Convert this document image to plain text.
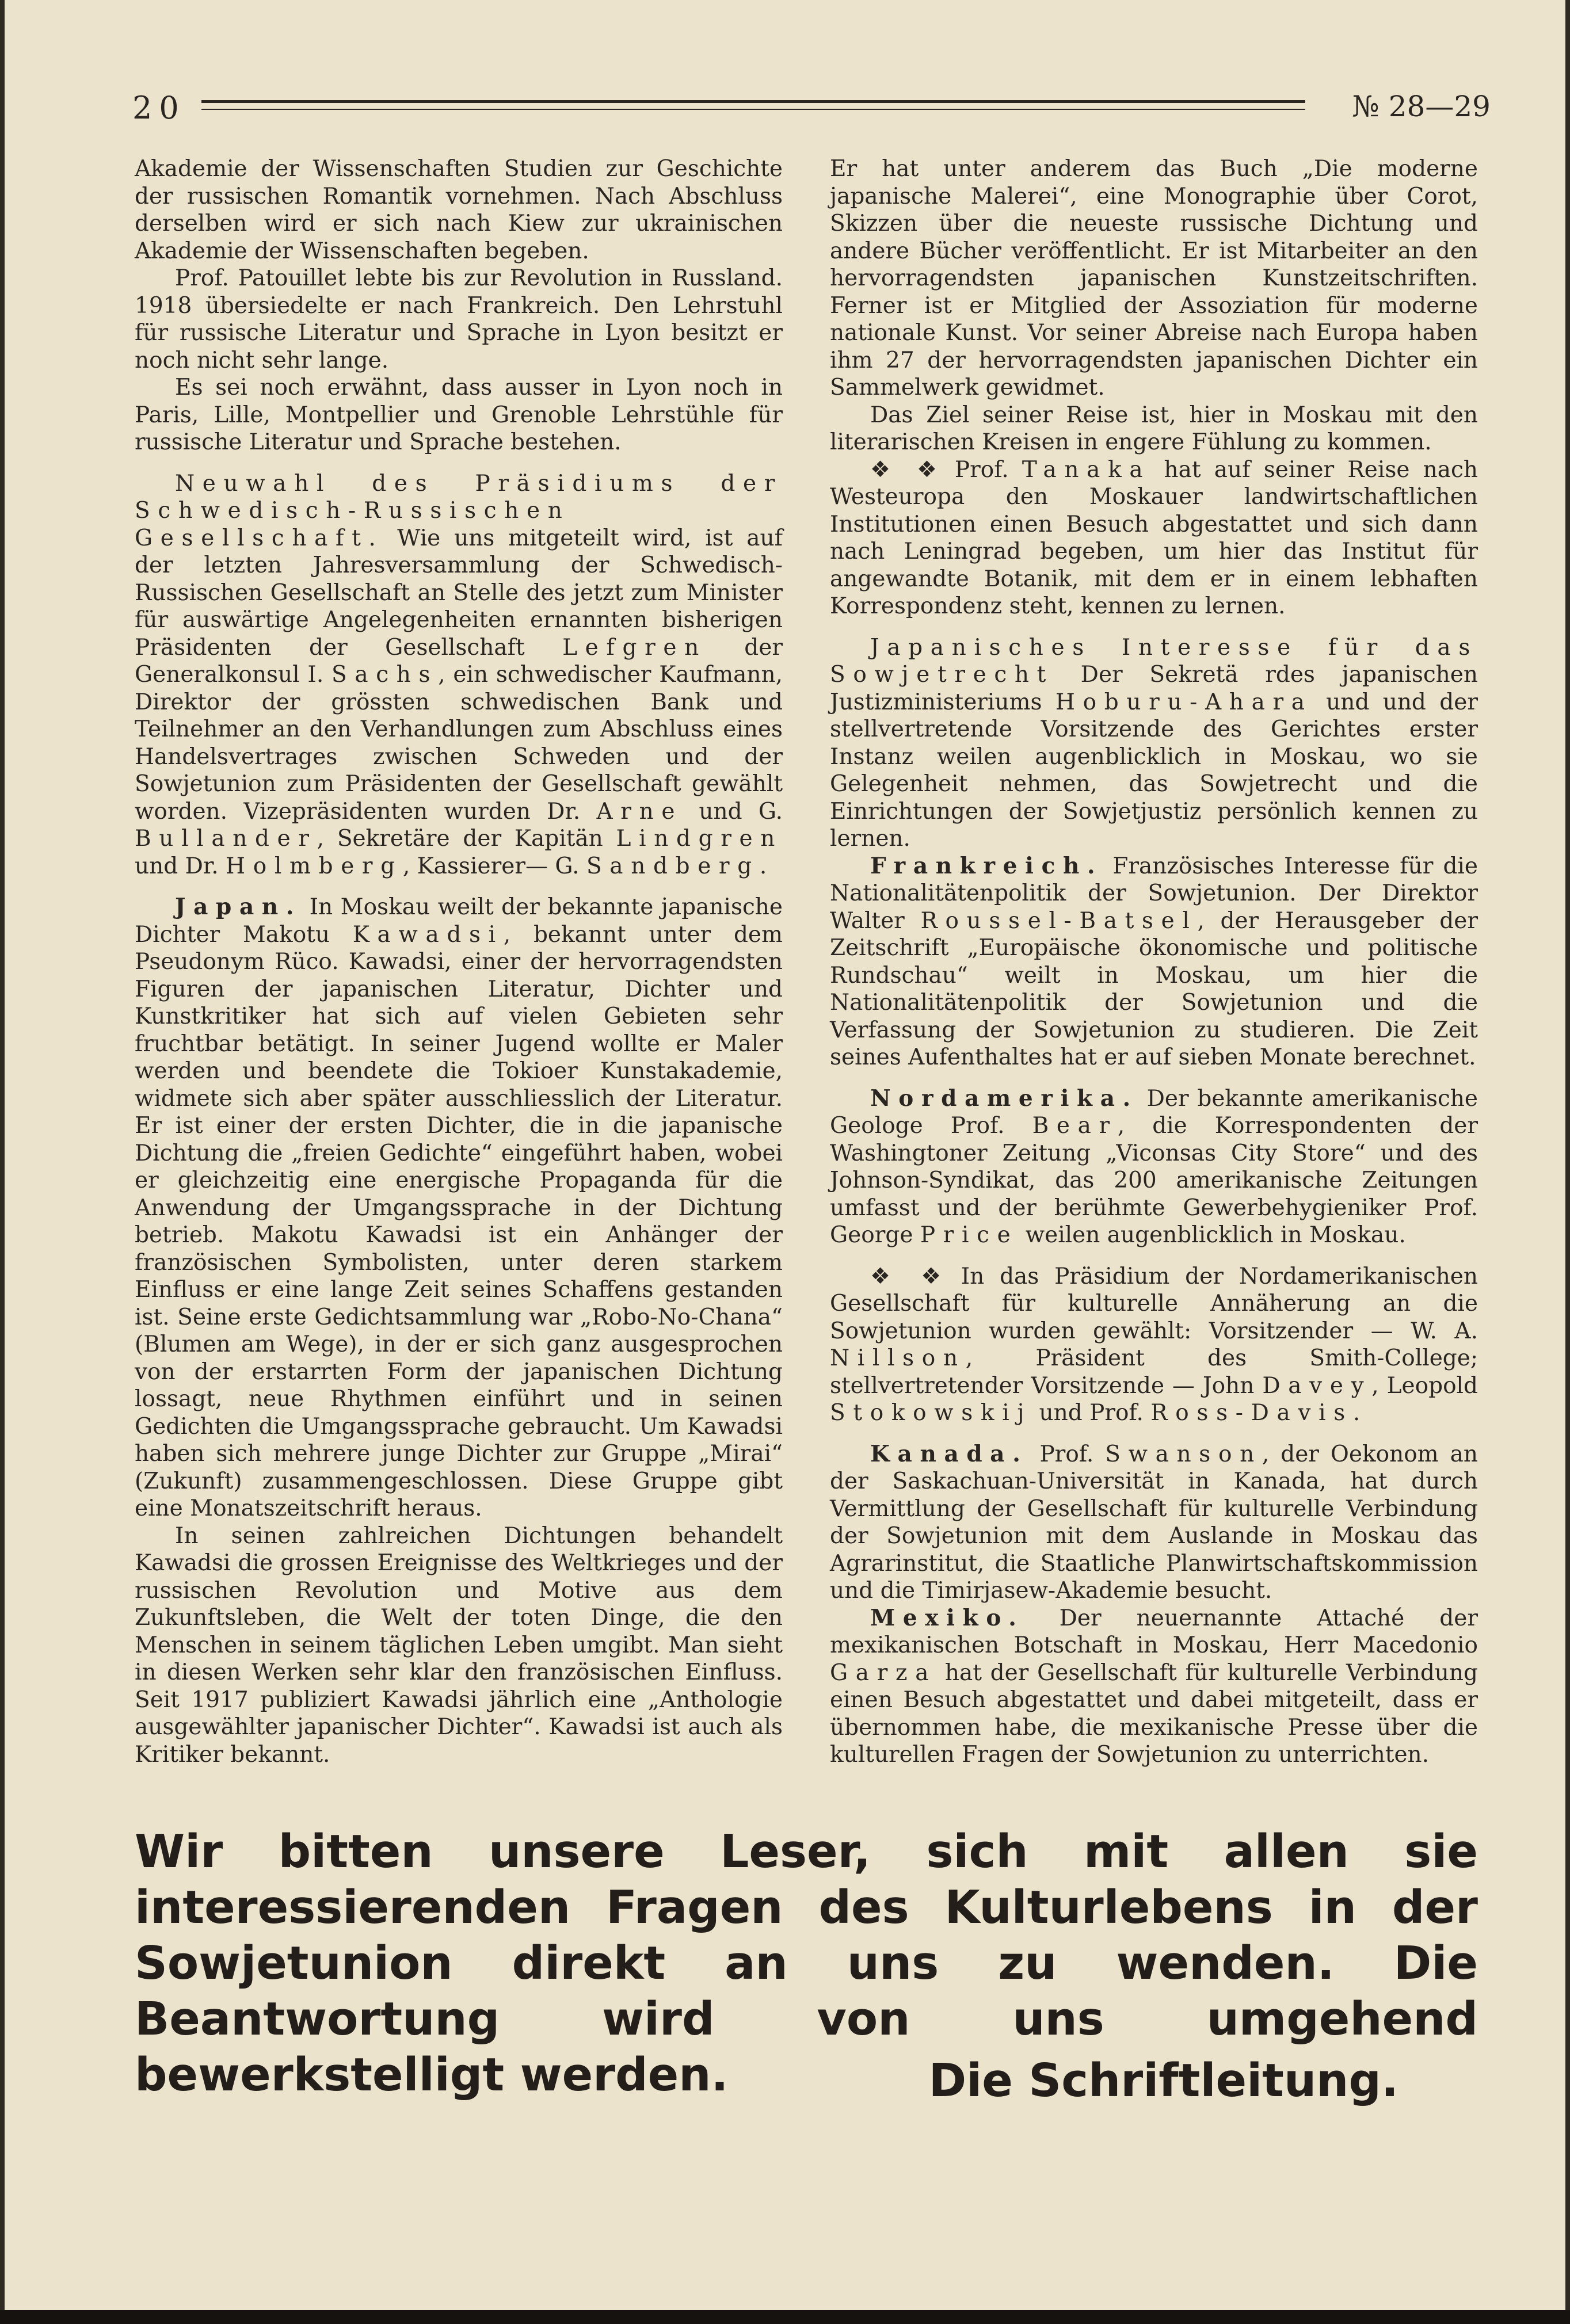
20	№ 28—29

Akademie der Wissenschaften Studien zur Geschichte der russischen Romantik vornehmen. Nach Abschluss derselben wird er sich nach Kiew zur ukrainischen Akademie der Wissenschaften begeben.

Prof. Patouillet lebte bis zur Revolution in Russland. 1918 übersiedelte er nach Frankreich. Den Lehrstuhl für russische Literatur und Sprache in Lyon besitzt er noch nicht sehr lange.

Es sei noch erwähnt, dass ausser in Lyon noch in Paris, Lille, Montpellier und Grenoble Lehrstühle für russische Literatur und Sprache bestehen.

Neuwahl des Präsidiums der Schwedisch-Russischen Gesellschaft. Wie uns mitgeteilt wird, ist auf der letzten Jahresversammlung der Schwedisch-Russischen Gesellschaft an Stelle des jetzt zum Minister für auswärtige Angelegenheiten ernannten bisherigen Präsidenten der Gesellschaft Lefgren der Generalkonsul I. Sachs, ein schwedischer Kaufmann, Direktor der grössten schwedischen Bank und Teilnehmer an den Verhandlungen zum Abschluss eines Handelsvertrages zwischen Schweden und der Sowjetunion zum Präsidenten der Gesellschaft gewählt worden. Vizepräsidenten wurden Dr. Arne und G. Bullander, Sekretäre der Kapitän Lindgren und Dr. Holmberg, Kassierer— G. Sandberg.

Japan. In Moskau weilt der bekannte japanische Dichter Makotu Kawadsi, bekannt unter dem Pseudonym Rüco. Kawadsi, einer der hervorragendsten Figuren der japanischen Literatur, Dichter und Kunstkritiker hat sich auf vielen Gebieten sehr fruchtbar betätigt. In seiner Jugend wollte er Maler werden und beendete die Tokioer Kunstakademie, widmete sich aber später ausschliesslich der Literatur. Er ist einer der ersten Dichter, die in die japanische Dichtung die „freien Gedichte“ eingeführt haben, wobei er gleichzeitig eine energische Propaganda für die Anwendung der Umgangssprache in der Dichtung betrieb. Makotu Kawadsi ist ein Anhänger der französischen Symbolisten, unter deren starkem Einfluss er eine lange Zeit seines Schaffens gestanden ist. Seine erste Gedichtsammlung war „Robo-No-Chana“ (Blumen am Wege), in der er sich ganz ausgesprochen von der erstarrten Form der japanischen Dichtung lossagt, neue Rhythmen einführt und in seinen Gedichten die Umgangssprache gebraucht. Um Kawadsi haben sich mehrere junge Dichter zur Gruppe „Mirai“ (Zukunft) zusammengeschlossen. Diese Gruppe gibt eine Monatszeitschrift heraus.

In seinen zahlreichen Dichtungen behandelt Kawadsi die grossen Ereignisse des Weltkrieges und der russischen Revolution und Motive aus dem Zukunftsleben, die Welt der toten Dinge, die den Menschen in seinem täglichen Leben umgibt. Man sieht in diesen Werken sehr klar den französischen Einfluss. Seit 1917 publiziert Kawadsi jährlich eine „Anthologie ausgewählter japanischer Dichter“. Kawadsi ist auch als Kritiker bekannt.

Er hat unter anderem das Buch „Die moderne japanische Malerei“, eine Monographie über Corot, Skizzen über die neueste russische Dichtung und andere Bücher veröffentlicht. Er ist Mitarbeiter an den hervorragendsten japanischen Kunstzeitschriften. Ferner ist er Mitglied der Assoziation für moderne nationale Kunst. Vor seiner Abreise nach Europa haben ihm 27 der hervorragendsten japanischen Dichter ein Sammelwerk gewidmet.

Das Ziel seiner Reise ist, hier in Moskau mit den literarischen Kreisen in engere Fühlung zu kommen.

❖ ❖ Prof. Tanaka hat auf seiner Reise nach Westeuropa den Moskauer landwirtschaftlichen Institutionen einen Besuch abgestattet und sich dann nach Leningrad begeben, um hier das Institut für angewandte Botanik, mit dem er in einem lebhaften Korrespondenz steht, kennen zu lernen.

Japanisches Interesse für das Sowjetrecht Der Sekretä rdes japanischen Justizministeriums Hoburu-Ahara und und der stellvertretende Vorsitzende des Gerichtes erster Instanz weilen augenblicklich in Moskau, wo sie Gelegenheit nehmen, das Sowjetrecht und die Einrichtungen der Sowjetjustiz persönlich kennen zu lernen.

Frankreich. Französisches Interesse für die Nationalitätenpolitik der Sowjetunion. Der Direktor Walter Roussel-Batsel, der Herausgeber der Zeitschrift „Europäische ökonomische und politische Rundschau“ weilt in Moskau, um hier die Nationalitätenpolitik der Sowjetunion und die Verfassung der Sowjetunion zu studieren. Die Zeit seines Aufenthaltes hat er auf sieben Monate berechnet.

Nordamerika. Der bekannte amerikanische Geologe Prof. Bear, die Korrespondenten der Washingtoner Zeitung „Viconsas City Store“ und des Johnson-Syndikat, das 200 amerikanische Zeitungen umfasst und der berühmte Gewerbehygieniker Prof. George Price weilen augenblicklich in Moskau.

❖ ❖ In das Präsidium der Nordamerikanischen Gesellschaft für kulturelle Annäherung an die Sowjetunion wurden gewählt: Vorsitzender — W. A. Nillson, Präsident des Smith-College; stellvertretender Vorsitzende — John Davey, Leopold Stokowskij und Prof. Ross-Davis.

Kanada. Prof. Swanson, der Oekonom an der Saskachuan-Universität in Kanada, hat durch Vermittlung der Gesellschaft für kulturelle Verbindung der Sowjetunion mit dem Auslande in Moskau das Agrarinstitut, die Staatliche Planwirtschaftskommission und die Timirjasew-Akademie besucht.

Mexiko. Der neuernannte Attaché der mexikanischen Botschaft in Moskau, Herr Macedonio Garza hat der Gesellschaft für kulturelle Verbindung einen Besuch abgestattet und dabei mitgeteilt, dass er übernommen habe, die mexikanische Presse über die kulturellen Fragen der Sowjetunion zu unterrichten.

Wir bitten unsere Leser, sich mit allen sie interessierenden Fragen des Kulturlebens in der Sowjetunion direkt an uns zu wenden. Die Beantwortung wird von uns umgehend bewerkstelligt werden.	Die Schriftleitung.
